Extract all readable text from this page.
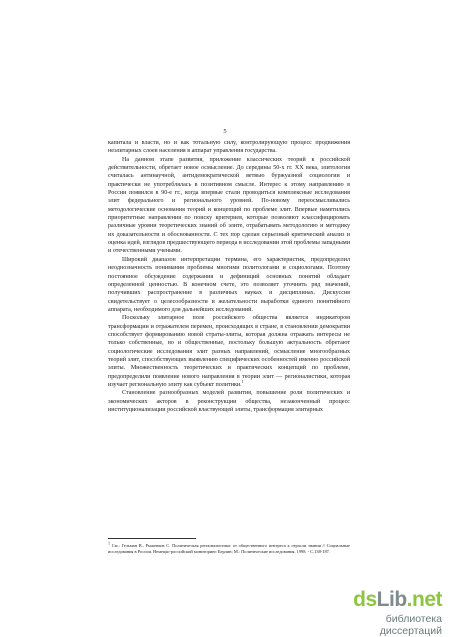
5

капитала и власти, но и как тотальную силу, контролирующую процесс продвижения неэлитарных слоев населения в аппарат управления государства.

На данном этапе развития, приложение классических теорий к российской действительности, обретает новое осмысление. До середины 50-х гг. XX века, элитология считалась антинаучной, антидемократической ветвью буржуазной социологии и практически не употреблялась в позитивном смысле. Интерес к этому направлению в России появился в 90-е гг., когда впервые стали проводиться комплексные исследования элит федерального и регионального уровней. По-новому переосмысливались методологические основания теорий и концепций по проблеме элит. Впервые наметились приоритетные направления по поиску критериев, которые позволяют классифицировать различные уровни теоретических знаний об элите, отрабатывать методологию и методику их доказательности и обоснованности. С тех пор сделан серьезный критический анализ и оценка идей, взглядов предшествующего периода в исследовании этой проблемы западными и отечественными учеными.

Широкий диапазон интерпретации термина, его характеристик, предопределил неоднозначность понимания проблемы многими политологами и социологами. Поэтому постоянное обсуждение содержания и дефиниций основных понятий обладает определенной ценностью. В конечном счете, это позволяет уточнить ряд значений, получивших распространение в различных науках и дисциплинах. Дискуссия свидетельствует о целесообразности и желательности выработки единого понятийного аппарата, необходимого для дальнейших исследований.

Поскольку элитарное поле российского общества является индикатором трансформации и отражателем перемен, происходящих в стране, в становлении демократии способствует формированию новой страты-элиты, которая должна отражать интересы не только собственные, но и общественные, постольку большую актуальность обретают социологические исследования элит разных направлений, осмысление многообразных теорий элит, способствующих выявлению специфических особенностей именно российской элиты. Множественность теоретических и практических концепций по проблеме, предопределили появление нового направления в теории элит — регионалистики, которая изучает региональную элиту как субъект политики.$^1$

Становление разнообразных моделей развития, повышение роли политических и экономических акторов в реконструкции общества, незаконченный процесс институционализации российской властвующей элиты, трансформация элитарных

$^1$ См.: Гельман В., Рыженков С. Политическая регионалистика: от общественного интереса к отрасли знания // Социальные исследования в России. Немецко-российский мониторинг. Берлин; М.: Политические исследования. 1998. - С.138-187.
dsLib.net
библиотека диссертаций
